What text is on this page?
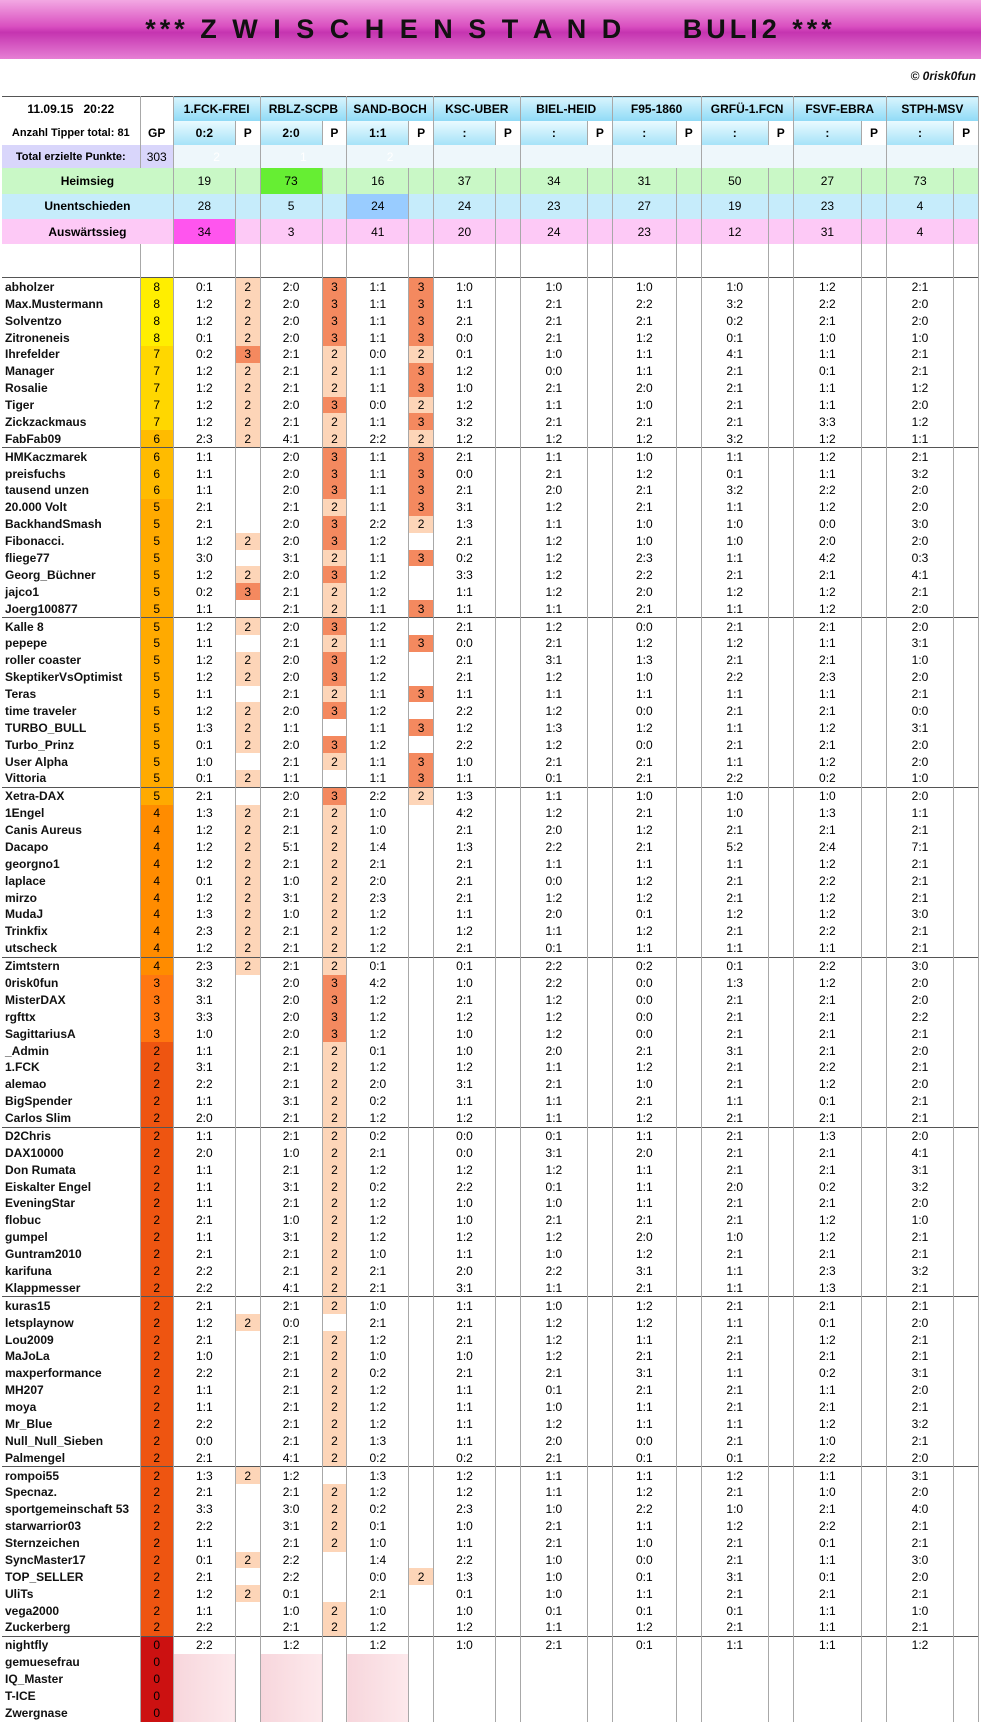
*** Z W I S C H E N S T A N D     BULI2 ***
© 0risk0fun
11.09.15 20:22		1.FCK-FREI		RBLZ-SCPB		SAND-BOCH		KSC-UBER		BIEL-HEID		F95-1860		GRFÜ-1.FCN		FSVF-EBRA		STPH-MSV	
Anzahl Tipper total: 81	GP	0:2	P	2:0	P	1:1	P	:	P	:	P	:	P	:	P	:	P	:	P
Total erzielte Punkte:	303	2		1		2													
Heimsieg		19		73		16		37		34		31		50		27		73	
Unentschieden		28		5		24		24		23		27		19		23		4	
Auswärtssieg		34		3		41		20		24		23		12		31		4	

abholzer	8	0:1	2	2:0	3	1:1	3	1:0		1:0		1:0		1:0		1:2		2:1	
Max.Mustermann	8	1:2	2	2:0	3	1:1	3	1:1		2:1		2:2		3:2		2:2		2:0	
Solventzo	8	1:2	2	2:0	3	1:1	3	2:1		2:1		2:1		0:2		2:1		2:0	
Zitroneneis	8	0:1	2	2:0	3	1:1	3	0:0		2:1		1:2		0:1		1:0		1:0	
Ihrefelder	7	0:2	3	2:1	2	0:0	2	0:1		1:0		1:1		4:1		1:1		2:1	
Manager	7	1:2	2	2:1	2	1:1	3	1:2		0:0		1:1		2:1		0:1		2:1	
Rosalie	7	1:2	2	2:1	2	1:1	3	1:0		2:1		2:0		2:1		1:1		1:2	
Tiger	7	1:2	2	2:0	3	0:0	2	1:2		1:1		1:0		2:1		1:1		2:0	
Zickzackmaus	7	1:2	2	2:1	2	1:1	3	3:2		2:1		2:1		2:1		3:3		1:2	
FabFab09	6	2:3	2	4:1	2	2:2	2	1:2		1:2		1:2		3:2		1:2		1:1	
HMKaczmarek	6	1:1		2:0	3	1:1	3	2:1		1:1		1:0		1:1		1:2		2:1	
preisfuchs	6	1:1		2:0	3	1:1	3	0:0		2:1		1:2		0:1		1:1		3:2	
tausend unzen	6	1:1		2:0	3	1:1	3	2:1		2:0		2:1		3:2		2:2		2:0	
20.000 Volt	5	2:1		2:1	2	1:1	3	3:1		1:2		2:1		1:1		1:2		2:0	
BackhandSmash	5	2:1		2:0	3	2:2	2	1:3		1:1		1:0		1:0		0:0		3:0	
Fibonacci.	5	1:2	2	2:0	3	1:2		2:1		1:2		1:0		1:0		2:0		2:0	
fliege77	5	3:0		3:1	2	1:1	3	0:2		1:2		2:3		1:1		4:2		0:3	
Georg_Büchner	5	1:2	2	2:0	3	1:2		3:3		1:2		2:2		2:1		2:1		4:1	
jajco1	5	0:2	3	2:1	2	1:2		1:1		1:2		2:0		1:2		1:2		2:1	
Joerg100877	5	1:1		2:1	2	1:1	3	1:1		1:1		2:1		1:1		1:2		2:0	
Kalle 8	5	1:2	2	2:0	3	1:2		2:1		1:2		0:0		2:1		2:1		2:0	
pepepe	5	1:1		2:1	2	1:1	3	0:0		2:1		1:2		1:2		1:1		3:1	
roller coaster	5	1:2	2	2:0	3	1:2		2:1		3:1		1:3		2:1		2:1		1:0	
SkeptikerVsOptimist	5	1:2	2	2:0	3	1:2		2:1		1:2		1:0		2:2		2:3		2:0	
Teras	5	1:1		2:1	2	1:1	3	1:1		1:1		1:1		1:1		1:1		2:1	
time traveler	5	1:2	2	2:0	3	1:2		2:2		1:2		0:0		2:1		2:1		0:0	
TURBO_BULL	5	1:3	2	1:1		1:1	3	1:2		1:3		1:2		1:1		1:2		3:1	
Turbo_Prinz	5	0:1	2	2:0	3	1:2		2:2		1:2		0:0		2:1		2:1		2:0	
User Alpha	5	1:0		2:1	2	1:1	3	1:0		2:1		2:1		1:1		1:2		2:0	
Vittoria	5	0:1	2	1:1		1:1	3	1:1		0:1		2:1		2:2		0:2		1:0	
Xetra-DAX	5	2:1		2:0	3	2:2	2	1:3		1:1		1:0		1:0		1:0		2:0	
1Engel	4	1:3	2	2:1	2	1:0		4:2		1:2		2:1		1:0		1:3		1:1	
Canis Aureus	4	1:2	2	2:1	2	1:0		2:1		2:0		1:2		2:1		2:1		2:1	
Dacapo	4	1:2	2	5:1	2	1:4		1:3		2:2		2:1		5:2		2:4		7:1	
georgno1	4	1:2	2	2:1	2	2:1		2:1		1:1		1:1		1:1		1:2		2:1	
laplace	4	0:1	2	1:0	2	2:0		2:1		0:0		1:2		2:1		2:2		2:1	
mirzo	4	1:2	2	3:1	2	2:3		2:1		1:2		1:2		2:1		1:2		2:1	
MudaJ	4	1:3	2	1:0	2	1:2		1:1		2:0		0:1		1:2		1:2		3:0	
Trinkfix	4	2:3	2	2:1	2	1:2		1:2		1:1		1:2		2:1		2:2		2:1	
utscheck	4	1:2	2	2:1	2	1:2		2:1		0:1		1:1		1:1		1:1		2:1	
Zimtstern	4	2:3	2	2:1	2	0:1		0:1		2:2		0:2		0:1		2:2		3:0	
0risk0fun	3	3:2		2:0	3	4:2		1:0		2:2		0:0		1:3		1:2		2:0	
MisterDAX	3	3:1		2:0	3	1:2		2:1		1:2		0:0		2:1		2:1		2:0	
rgfttx	3	3:3		2:0	3	1:2		1:2		1:2		0:0		2:1		2:1		2:2	
SagittariusA	3	1:0		2:0	3	1:2		1:0		1:2		0:0		2:1		2:1		2:1	
_Admin	2	1:1		2:1	2	0:1		1:0		2:0		2:1		3:1		2:1		2:0	
1.FCK	2	3:1		2:1	2	1:2		1:2		1:1		1:2		2:1		2:2		2:1	
alemao	2	2:2		2:1	2	2:0		3:1		2:1		1:0		2:1		1:2		2:0	
BigSpender	2	1:1		3:1	2	0:2		1:1		1:1		2:1		1:1		0:1		2:1	
Carlos Slim	2	2:0		2:1	2	1:2		1:2		1:1		1:2		2:1		2:1		2:1	
D2Chris	2	1:1		2:1	2	0:2		0:0		0:1		1:1		2:1		1:3		2:0	
DAX10000	2	2:0		1:0	2	2:1		0:0		3:1		2:0		2:1		2:1		4:1	
Don Rumata	2	1:1		2:1	2	1:2		1:2		1:2		1:1		2:1		2:1		3:1	
Eiskalter Engel	2	1:1		3:1	2	0:2		2:2		0:1		1:1		2:0		0:2		3:2	
EveningStar	2	1:1		2:1	2	1:2		1:0		1:0		1:1		2:1		2:1		2:0	
flobuc	2	2:1		1:0	2	1:2		1:0		2:1		2:1		2:1		1:2		1:0	
gumpel	2	1:1		3:1	2	1:2		1:2		1:2		2:0		1:0		1:2		2:1	
Guntram2010	2	2:1		2:1	2	1:0		1:1		1:0		1:2		2:1		2:1		2:1	
karifuna	2	2:2		2:1	2	2:1		2:0		2:2		3:1		1:1		2:3		3:2	
Klappmesser	2	2:2		4:1	2	2:1		3:1		1:1		2:1		1:1		1:3		2:1	
kuras15	2	2:1		2:1	2	1:0		1:1		1:0		1:2		2:1		2:1		2:1	
letsplaynow	2	1:2	2	0:0		2:1		2:1		1:2		1:2		1:1		0:1		2:0	
Lou2009	2	2:1		2:1	2	1:2		2:1		1:2		1:1		2:1		1:2		2:1	
MaJoLa	2	1:0		2:1	2	1:0		1:0		1:2		2:1		2:1		2:1		2:1	
maxperformance	2	2:2		2:1	2	0:2		2:1		2:1		3:1		1:1		0:2		3:1	
MH207	2	1:1		2:1	2	1:2		1:1		0:1		2:1		2:1		1:1		2:0	
moya	2	1:1		2:1	2	1:2		1:1		1:0		1:1		2:1		2:1		2:1	
Mr_Blue	2	2:2		2:1	2	1:2		1:1		1:2		1:1		1:1		1:2		3:2	
Null_Null_Sieben	2	0:0		2:1	2	1:3		1:1		2:0		0:0		2:1		1:0		2:1	
Palmengel	2	2:1		4:1	2	0:2		0:2		2:1		0:1		0:1		2:2		2:0	
rompoi55	2	1:3	2	1:2		1:3		1:2		1:1		1:1		1:2		1:1		3:1	
Specnaz.	2	2:1		2:1	2	1:2		1:2		1:1		1:2		2:1		1:0		2:0	
sportgemeinschaft 53	2	3:3		3:0	2	0:2		2:3		1:0		2:2		1:0		2:1		4:0	
starwarrior03	2	2:2		3:1	2	0:1		1:0		2:1		1:1		1:2		2:2		2:1	
Sternzeichen	2	1:1		2:1	2	1:0		1:1		2:1		1:0		2:1		0:1		2:1	
SyncMaster17	2	0:1	2	2:2		1:4		2:2		1:0		0:0		2:1		1:1		3:0	
TOP_SELLER	2	2:1		2:2		0:0	2	1:3		1:0		0:1		3:1		0:1		2:0	
UliTs	2	1:2	2	0:1		2:1		0:1		1:0		1:1		2:1		2:1		2:1	
vega2000	2	1:1		1:0	2	1:0		1:0		0:1		0:1		0:1		1:1		1:0	
Zuckerberg	2	2:2		2:1	2	1:2		1:2		1:1		1:2		2:1		1:1		2:1	
nightfly	0	2:2		1:2		1:2		1:0		2:1		0:1		1:1		1:1		1:2	
gemuesefrau	0																		
IQ_Master	0																		
T-ICE	0																		
Zwergnase	0																		
